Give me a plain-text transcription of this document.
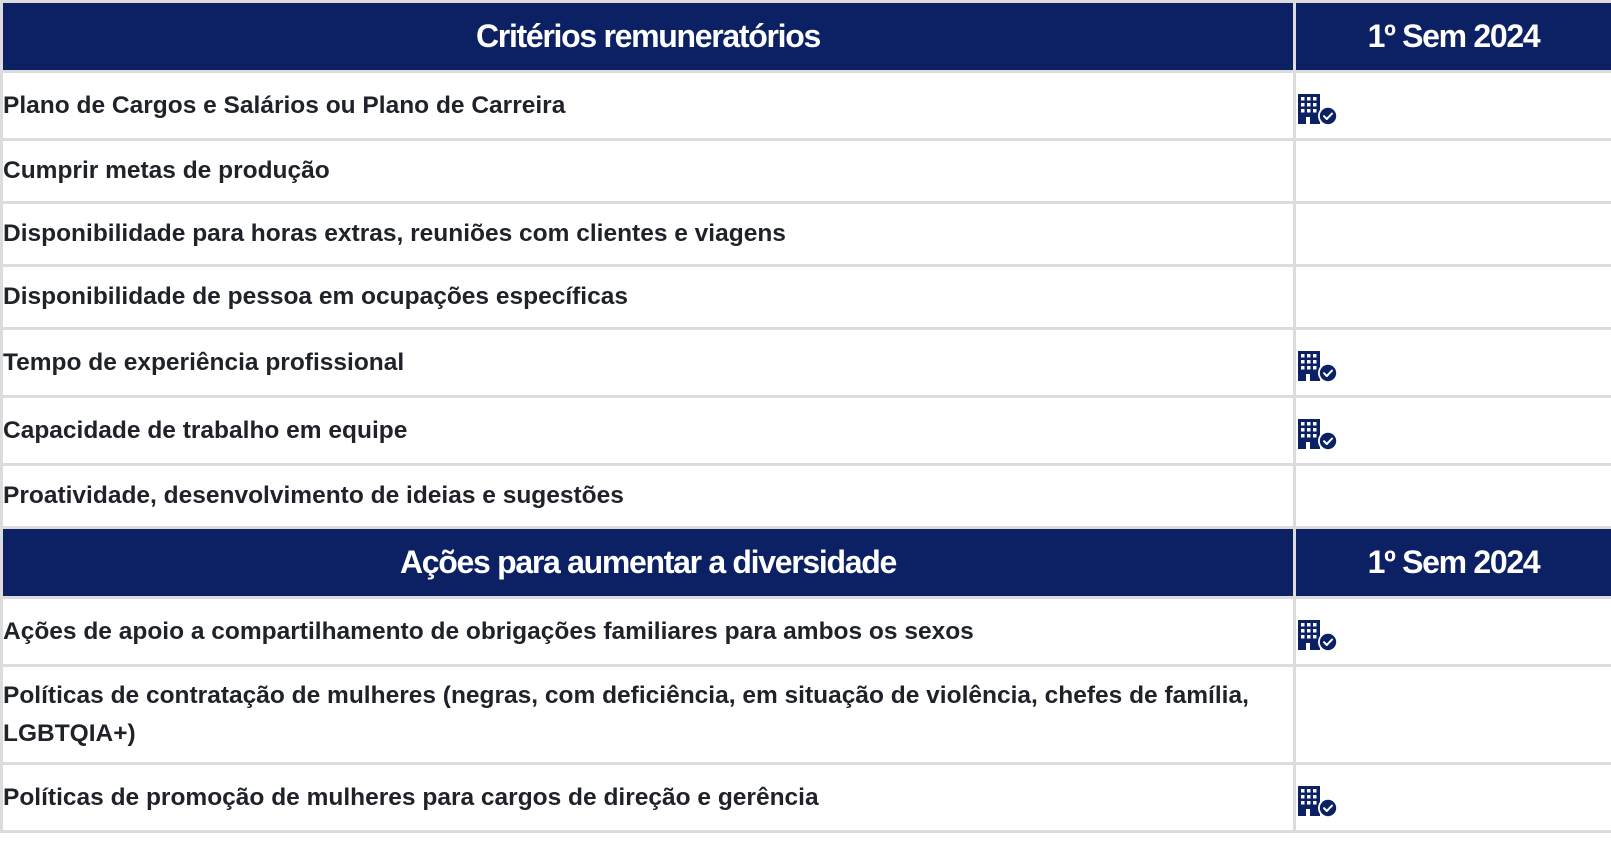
Critérios remuneratórios	1º Sem 2024
Plano de Cargos e Salários ou Plano de Carreira	
Cumprir metas de produção	
Disponibilidade para horas extras, reuniões com clientes e viagens	
Disponibilidade de pessoa em ocupações específicas	
Tempo de experiência profissional	
Capacidade de trabalho em equipe	
Proatividade, desenvolvimento de ideias e sugestões	
Ações para aumentar a diversidade	1º Sem 2024
Ações de apoio a compartilhamento de obrigações familiares para ambos os sexos	
Políticas de contratação de mulheres (negras, com deficiência, em situação de violência, chefes de família, LGBTQIA+)	
Políticas de promoção de mulheres para cargos de direção e gerência	
